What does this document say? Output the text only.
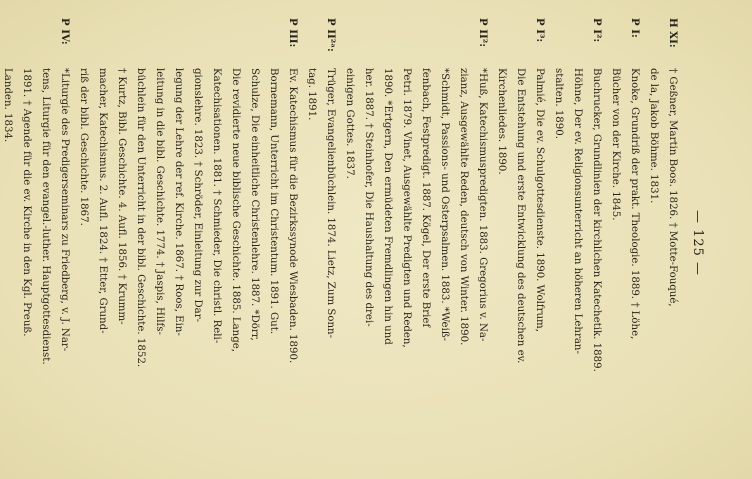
— 125 —
H XI:
† Geßner, Martin Boos. 1826. † Motte-Fouqué,
de la, Jakob Böhme. 1831.
P I:
Knoke, Grundriß der prakt. Theologie. 1889. † Löhe,
Bücher von der Kirche. 1845.
P I²:
Buchrucker, Grundlinien der kirchlichen Katechetik. 1889.
Höhne, Der ev. Religionsunterricht an höheren Lehran-
stalten. 1890.
P I³:
Palmié, Die ev. Schulgottesdienste. 1890. Wolfrum,
Die Entstehung und erste Entwicklung des deutschen ev.
Kirchenliedes. 1890.
P II²:
*Huß, Katechismuspredigten. 1883. Gregorius v. Na-
zianz, Ausgewählte Reden, deutsch von Winter. 1890.
*Schmidt, Passions- und Osterpsalmen. 1883. *Weiß-
fenbach, Festpredigt. 1887. Kögel, Der erste Brief
Petri. 1879. Vinet, Ausgewählte Predigten und Reden,
1890. *Ertgern, Den ermüdeten Fremdlingen hin und
her. 1887. † Steinhofer, Die Haushaltung des drei-
einigen Gottes. 1837.
P II²ᵃ:
Trüger, Evangelienbüchlein. 1874. Lietz, Zum Sonn-
tag. 1891.
P III:
Ev. Katechismus für die Bezirkssynode Wiesbaden. 1890.
Bornemann, Unterricht im Christentum. 1891. Gut.
Schulze, Die einheitliche Christenlehre. 1887. *Dörr,
Die revidierte neue biblische Geschichte. 1885. Lange,
Katechisationen. 1881. † Schmieder, Die christl. Reli-
gionslehre. 1823. † Schröder, Einleitung zur Dar-
legung der Lehre der ref. Kirche. 1867. † Roos, Ein-
leitung in die bibl. Geschichte. 1774. † Jaspis, Hilfs-
büchlein für den Unterricht in der bibl. Geschichte. 1852.
† Kurtz, Bibl. Geschichte. 4. Aufl. 1856. † Krumm-
macher, Katechismus. 2. Aufl. 1824. † Etter, Grund-
riß der bibl. Geschichte. 1867.
P IV:
*Liturgie des Predigerseminars zu Friedberg, v. J. Nar-
tens, Liturgie für den evangel.-luther. Hauptgottesdienst.
1891. † Agende für die ev. Kirche in den Kgl. Preuß.
Landen. 1834.
